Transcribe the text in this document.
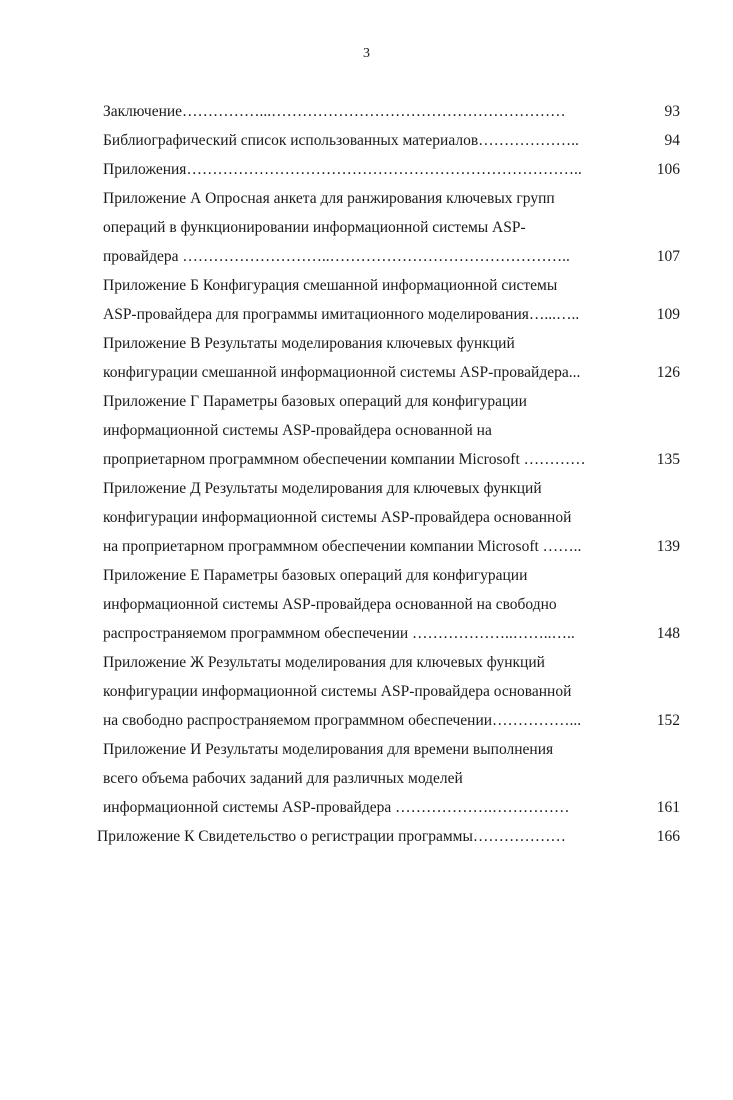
3
Заключение……………...…………………………………………………	93
Библиографический список использованных материалов………………..	94
Приложения…………………………………………………………………..	106
Приложение А Опросная анкета для ранжирования ключевых групп
операций в функционировании информационной системы ASP-
провайдера ………………………..………………………………………..	107
Приложение Б Конфигурация смешанной информационной системы
ASP-провайдера для программы имитационного моделирования…...…..	109
Приложение В Результаты моделирования ключевых функций
конфигурации смешанной информационной системы ASP-провайдера...	126
Приложение Г Параметры базовых операций для конфигурации
информационной системы ASP-провайдера основанной на
проприетарном программном обеспечении компании Microsoft …………	135
Приложение Д Результаты моделирования для ключевых функций
конфигурации информационной системы ASP-провайдера основанной
на проприетарном программном обеспечении компании Microsoft ……..	139
Приложение Е Параметры базовых операций для конфигурации
информационной системы ASP-провайдера основанной на свободно
распространяемом программном обеспечении ………………..……..…..	148
Приложение Ж Результаты моделирования для ключевых функций
конфигурации информационной системы ASP-провайдера основанной
на свободно распространяемом программном обеспечении……………...	152
Приложение И Результаты моделирования для времени выполнения
всего объема рабочих заданий для различных моделей
информационной системы ASP-провайдера ……………….……………	161
Приложение К Свидетельство о регистрации программы………………	166
